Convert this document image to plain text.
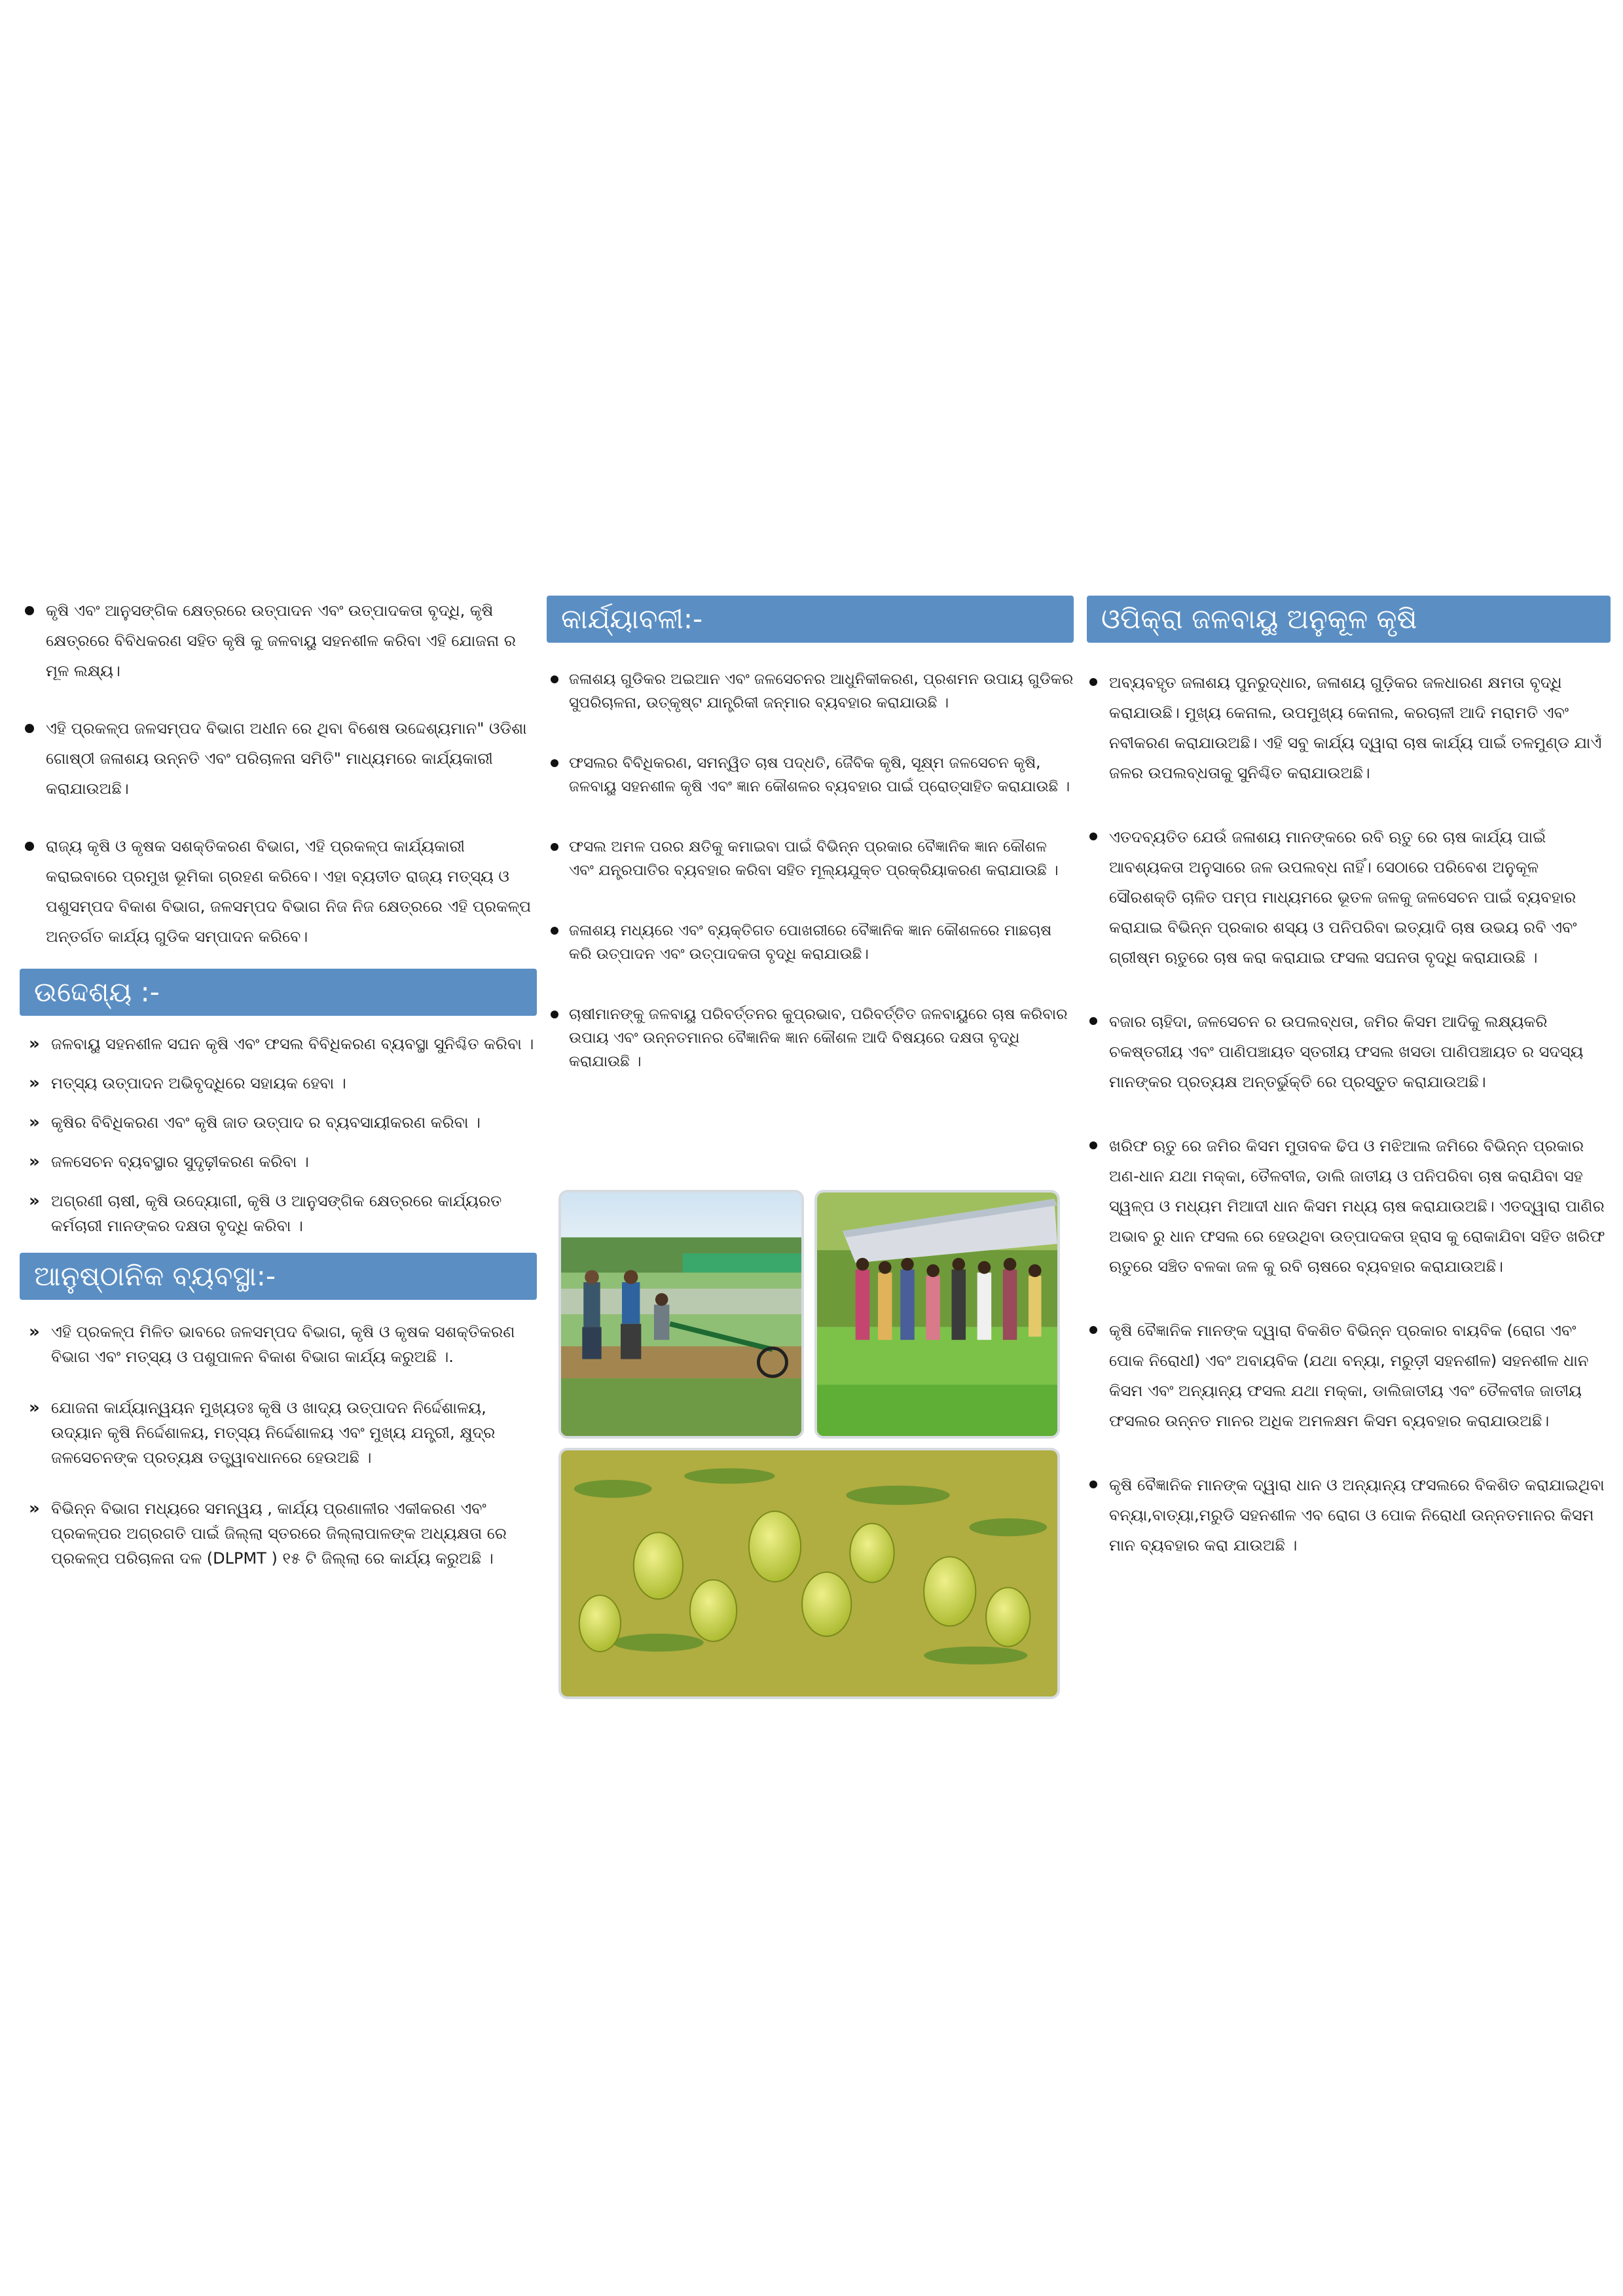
କୃଷି ଏବଂ ଆନୁସଙ୍ଗିକ କ୍ଷେତ୍ରରେ ଉତ୍ପାଦନ ଏବଂ ଉତ୍ପାଦକତା ବୃଦ୍ଧି, କୃଷି କ୍ଷେତ୍ରରେ ବିବିଧକରଣ ସହିତ କୃଷି କୁ ଜଳବାୟୁ ସହନଶୀଳ କରିବା ଏହି ଯୋଜନା ର ମୂଳ ଲକ୍ଷ୍ୟ।
ଏହି ପ୍ରକଳ୍ପ ଜଳସମ୍ପଦ ବିଭାଗ ଅଧୀନ ରେ ଥିବା ବିଶେଷ ଉଦ୍ଦେଶ୍ୟମାନ" ଓଡିଶା ଗୋଷ୍ଠୀ ଜଳାଶୟ ଉନ୍ନତି ଏବଂ ପରିଚାଳନା ସମିତି" ମାଧ୍ୟମରେ କାର୍ଯ୍ୟକାରୀ କରାଯାଉଅଛି।
ରାଜ୍ୟ କୃଷି ଓ କୃଷକ ସଶକ୍ତିକରଣ ବିଭାଗ, ଏହି ପ୍ରକଳ୍ପ କାର୍ଯ୍ୟକାରୀ କରାଇବାରେ ପ୍ରମୁଖ ଭୂମିକା ଗ୍ରହଣ କରିବେ। ଏହା ବ୍ୟତୀତ ରାଜ୍ୟ ମତ୍ସ୍ୟ ଓ ପଶୁସମ୍ପଦ ବିକାଶ ବିଭାଗ, ଜଳସମ୍ପଦ ବିଭାଗ ନିଜ ନିଜ କ୍ଷେତ୍ରରେ ଏହି ପ୍ରକଳ୍ପ ଅନ୍ତର୍ଗତ କାର୍ଯ୍ୟ ଗୁଡିକ ସମ୍ପାଦନ କରିବେ।
ଉଦ୍ଦେଶ୍ୟ :-
» ଜଳବାୟୁ ସହନଶୀଳ ସଘନ କୃଷି ଏବଂ ଫସଲ ବିବିଧିକରଣ ବ୍ୟବସ୍ଥା ସୁନିଶ୍ଚିତ କରିବା ।
» ମତ୍ସ୍ୟ ଉତ୍ପାଦନ ଅଭିବୃଦ୍ଧିରେ ସହାୟକ ହେବା ।
» କୃଷିର ବିବିଧିକରଣ ଏବଂ କୃଷି ଜାତ ଉତ୍ପାଦ ର ବ୍ୟବସାୟୀକରଣ କରିବା ।
» ଜଳସେଚନ ବ୍ୟବସ୍ଥାର ସୁଦୃଢ଼ୀକରଣ କରିବା ।
» ଅଗ୍ରଣୀ ଚାଷୀ, କୃଷି ଉଦ୍ୟୋଗୀ, କୃଷି ଓ ଆନୁସଙ୍ଗିକ କ୍ଷେତ୍ରରେ କାର୍ଯ୍ୟରତ କର୍ମଚାରୀ ମାନଙ୍କର ଦକ୍ଷତା ବୃଦ୍ଧି କରିବା ।
ଆନୁଷ୍ଠାନିକ ବ୍ୟବସ୍ଥା:-
» ଏହି ପ୍ରକଳ୍ପ ମିଳିତ ଭାବରେ ଜଳସମ୍ପଦ ବିଭାଗ, କୃଷି ଓ କୃଷକ ସଶକ୍ତିକରଣ ବିଭାଗ ଏବଂ ମତ୍ସ୍ୟ ଓ ପଶୁପାଳନ ବିକାଶ ବିଭାଗ କାର୍ଯ୍ୟ କରୁଅଛି ।.
» ଯୋଜନା କାର୍ଯ୍ୟାନ୍ୱୟନ ମୁଖ୍ୟତଃ କୃଷି ଓ ଖାଦ୍ୟ ଉତ୍ପାଦନ ନିର୍ଦ୍ଦେଶାଳୟ, ଉଦ୍ୟାନ କୃଷି ନିର୍ଦ୍ଦେଶାଳୟ, ମତ୍ସ୍ୟ ନିର୍ଦ୍ଦେଶାଳୟ ଏବଂ ମୁଖ୍ୟ ଯନ୍ତ୍ରୀ, କ୍ଷୁଦ୍ର ଜଳସେଚନଙ୍କ ପ୍ରତ୍ୟକ୍ଷ ତତ୍ତ୍ୱାବଧାନରେ ହେଉଅଛି ।
» ବିଭିନ୍ନ ବିଭାଗ ମଧ୍ୟରେ ସମନ୍ୱୟ , କାର୍ଯ୍ୟ ପ୍ରଣାଳୀର ଏକୀକରଣ ଏବଂ ପ୍ରକଳ୍ପର ଅଗ୍ରଗତି ପାଇଁ ଜିଲ୍ଲା ସ୍ତରରେ ଜିଲ୍ଲାପାଳଙ୍କ ଅଧ୍ୟକ୍ଷତା ରେ ପ୍ରକଳ୍ପ ପରିଚାଳନା ଦଳ (DLPMT ) ୧୫ ଟି ଜିଲ୍ଲା ରେ କାର୍ଯ୍ୟ କରୁଅଛି ।
କାର୍ଯ୍ୟାବଳୀ:-
ଜଳାଶୟ ଗୁଡିକର ଅଇଆନ ଏବଂ ଜଳସେଚନର ଆଧୁନିକୀକରଣ, ପ୍ରଶମନ ଉପାୟ ଗୁଡିକର ସୁପରିଚାଳନା, ଉତ୍କୃଷ୍ଟ ଯାନ୍ତ୍ରିକୀ ଜନ୍ମାର ବ୍ୟବହାର କରାଯାଉଛି ।
ଫସଲର ବିବିଧିକରଣ, ସମନ୍ୱିତ ଚାଷ ପଦ୍ଧତି, ଜୈବିକ କୃଷି, ସୂକ୍ଷ୍ମ ଜଳସେଚନ କୃଷି, ଜଳବାୟୁ ସହନଶୀଳ କୃଷି ଏବଂ ଜ୍ଞାନ କୌଶଳର ବ୍ୟବହାର ପାଇଁ ପ୍ରୋତ୍ସାହିତ କରାଯାଉଛି ।
ଫସଲ ଅମଳ ପରର କ୍ଷତିକୁ କମାଇବା ପାଇଁ ବିଭିନ୍ନ ପ୍ରକାର ବୈଜ୍ଞାନିକ ଜ୍ଞାନ କୌଶଳ ଏବଂ ଯନ୍ତ୍ରପାତିର ବ୍ୟବହାର କରିବା ସହିତ ମୂଲ୍ୟଯୁକ୍ତ ପ୍ରକ୍ରିୟାକରଣ କରାଯାଉଛି ।
ଜଳାଶୟ ମଧ୍ୟରେ ଏବଂ ବ୍ୟକ୍ତିଗତ ପୋଖରୀରେ ବୈଜ୍ଞାନିକ ଜ୍ଞାନ କୌଶଳରେ ମାଛଚାଷ କରି ଉତ୍ପାଦନ ଏବଂ ଉତ୍ପାଦକତା ବୃଦ୍ଧି କରାଯାଉଛି।
ଚାଷୀମାନଙ୍କୁ ଜଳବାୟୁ ପରିବର୍ତ୍ତନର କୁପ୍ରଭାବ, ପରିବର୍ତ୍ତିତ ଜଳବାୟୁରେ ଚାଷ କରିବାର ଉପାୟ ଏବଂ ଉନ୍ନତମାନର ବୈଜ୍ଞାନିକ ଜ୍ଞାନ କୌଶଳ ଆଦି ବିଷୟରେ ଦକ୍ଷତା ବୃଦ୍ଧି କରାଯାଉଛି ।
ଓପିକ୍ରା ଜଳବାୟୁ ଅନୁକୂଳ କୃଷି
ଅବ୍ୟବହୃତ ଜଳାଶୟ ପୁନରୁଦ୍ଧାର, ଜଳାଶୟ ଗୁଡ଼ିକର ଜଳଧାରଣ କ୍ଷମତା ବୃଦ୍ଧି କରାଯାଉଛି। ମୁଖ୍ୟ କେନାଲ, ଉପମୁଖ୍ୟ କେନାଲ, କରଚାଳୀ ଆଦି ମରାମତି ଏବଂ ନବୀକରଣ କରାଯାଉଅଛି। ଏହି ସବୁ କାର୍ଯ୍ୟ ଦ୍ୱାରା ଚାଷ କାର୍ଯ୍ୟ ପାଇଁ ତଳମୁଣ୍ଡ ଯାଏଁ ଜଳର ଉପଲବ୍ଧତାକୁ ସୁନିଶ୍ଚିତ କରାଯାଉଅଛି।
ଏତଦବ୍ୟତିତ ଯେଉଁ ଜଳାଶୟ ମାନଙ୍କରେ ରବି ଋତୁ ରେ ଚାଷ କାର୍ଯ୍ୟ ପାଇଁ ଆବଶ୍ୟକତା ଅନୁସାରେ ଜଳ ଉପଲବ୍ଧ ନାହିଁ। ସେଠାରେ ପରିବେଶ ଅନୁକୂଳ ସୌରଶକ୍ତି ଚାଳିତ ପମ୍ପ ମାଧ୍ୟମରେ ଭୂତଳ ଜଳକୁ ଜଳସେଚନ ପାଇଁ ବ୍ୟବହାର କରାଯାଇ ବିଭିନ୍ନ ପ୍ରକାର ଶସ୍ୟ ଓ ପନିପରିବା ଇତ୍ୟାଦି ଚାଷ ଉଭୟ ରବି ଏବଂ ଗ୍ରୀଷ୍ମ ଋତୁରେ ଚାଷ କରା କରାଯାଇ ଫସଲ ସଘନତା ବୃଦ୍ଧି କରାଯାଉଛି ।
ବଜାର ଚାହିଦା, ଜଳସେଚନ ର ଉପଲବ୍ଧତା, ଜମିର କିସମ ଆଦିକୁ ଲକ୍ଷ୍ୟକରି ଚକଷ୍ତରୀୟ ଏବଂ ପାଣିପଞ୍ଚାୟତ ସ୍ତରୀୟ ଫସଲ ଖସଡା ପାଣିପଞ୍ଚାୟତ ର ସଦସ୍ୟ ମାନଙ୍କର ପ୍ରତ୍ୟକ୍ଷ ଅନ୍ତର୍ଭୁକ୍ତି ରେ ପ୍ରସ୍ତୁତ କରାଯାଉଅଛି।
ଖରିଫ ଋତୁ ରେ ଜମିର କିସମ ମୁତାବକ ଢିପ ଓ ମଝିଆଲ ଜମିରେ ବିଭିନ୍ନ ପ୍ରକାର ଅଣ-ଧାନ ଯଥା ମକ୍କା, ତୈଳବୀଜ, ଡାଲି ଜାତୀୟ ଓ ପନିପରିବା ଚାଷ କରାଯିବା ସହ ସ୍ୱଳ୍ପ ଓ ମଧ୍ୟମ ମିଆଦୀ ଧାନ କିସମ ମଧ୍ୟ ଚାଷ କରାଯାଉଅଛି। ଏତଦ୍ୱାରା ପାଣିର ଅଭାବ ରୁ ଧାନ ଫସଲ ରେ ହେଉଥିବା ଉତ୍ପାଦକତା ହ୍ରାସ କୁ ରୋକାଯିବା ସହିତ ଖରିଫ ଋତୁରେ ସଞ୍ଚିତ ବଳକା ଜଳ କୁ ରବି ଚାଷରେ ବ୍ୟବହାର କରାଯାଉଅଛି।
କୃଷି ବୈଜ୍ଞାନିକ ମାନଙ୍କ ଦ୍ୱାରା ବିକଶିତ ବିଭିନ୍ନ ପ୍ରକାର ବାୟବିକ (ରୋଗ ଏବଂ ପୋକ ନିରୋଧୀ) ଏବଂ ଅବାୟବିକ (ଯଥା ବନ୍ୟା, ମରୁଡ଼ୀ ସହନଶୀଳ) ସହନଶୀଳ ଧାନ କିସମ ଏବଂ ଅନ୍ୟାନ୍ୟ ଫସଲ ଯଥା ମକ୍କା, ଡାଲିଜାତୀୟ ଏବଂ ତୈଳବୀଜ ଜାତୀୟ ଫସଲର ଉନ୍ନତ ମାନର ଅଧିକ ଅମଳକ୍ଷମ କିସମ ବ୍ୟବହାର କରାଯାଉଅଛି।
କୃଷି ବୈଜ୍ଞାନିକ ମାନଙ୍କ ଦ୍ୱାରା ଧାନ ଓ ଅନ୍ୟାନ୍ୟ ଫସଲରେ ବିକଶିତ କରାଯାଇଥିବା ବନ୍ୟା,ବାତ୍ୟା,ମରୁଡି ସହନଶୀଳ ଏବ ରୋଗ ଓ ପୋକ ନିରୋଧୀ ଉନ୍ନତମାନର କିସମ ମାନ ବ୍ୟବହାର କରା ଯାଉଅଛି ।
